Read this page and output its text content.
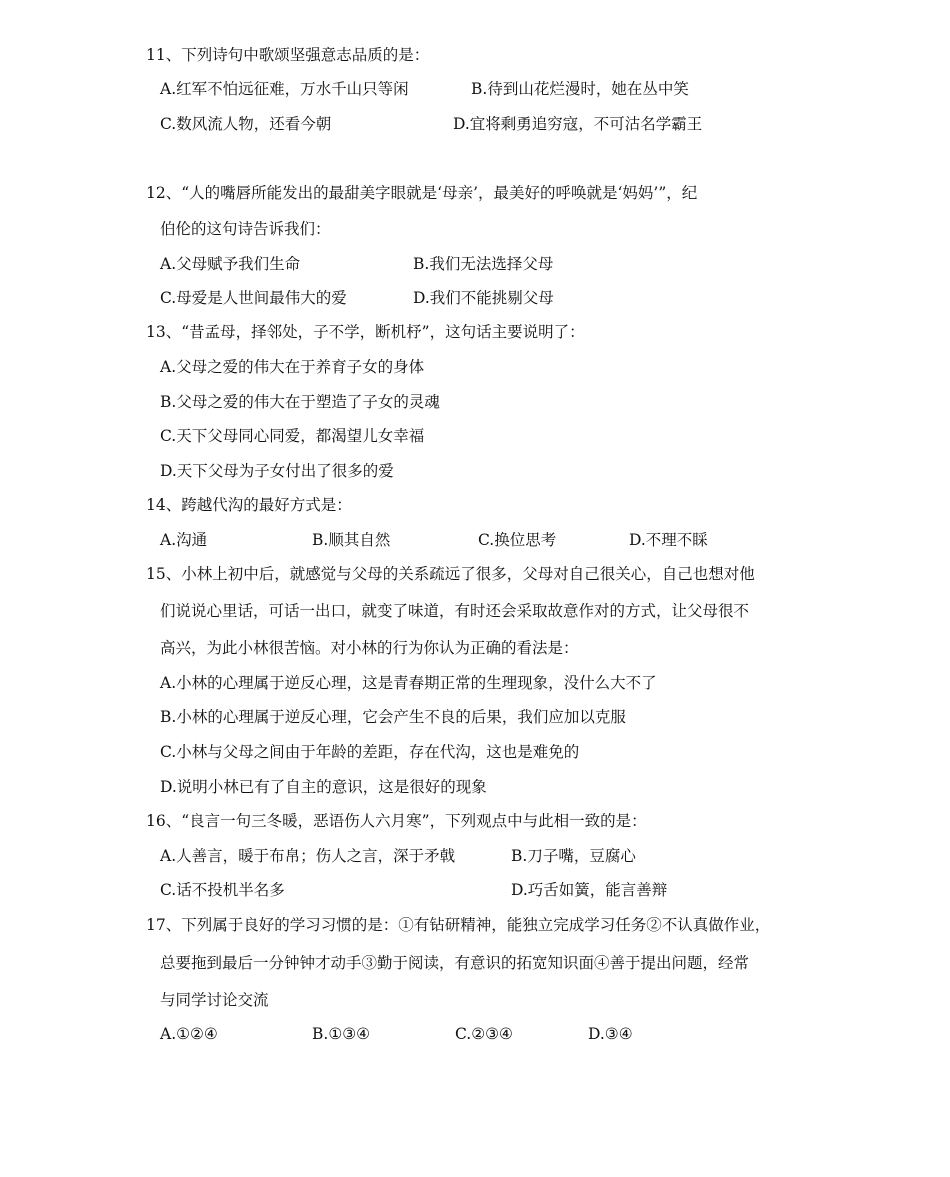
11、下列诗句中歌颂坚强意志品质的是：
A.红军不怕远征难，万水千山只等闲	B.待到山花烂漫时，她在丛中笑
C.数风流人物，还看今朝	D.宜将剩勇追穷寇，不可沽名学霸王
12、“人的嘴唇所能发出的最甜美字眼就是‘母亲’，最美好的呼唤就是‘妈妈’”，纪
伯伦的这句诗告诉我们：
A.父母赋予我们生命	B.我们无法选择父母
C.母爱是人世间最伟大的爱	D.我们不能挑剔父母
13、“昔孟母，择邻处，子不学，断机杼”，这句话主要说明了：
A.父母之爱的伟大在于养育子女的身体
B.父母之爱的伟大在于塑造了子女的灵魂
C.天下父母同心同爱，都渴望儿女幸福
D.天下父母为子女付出了很多的爱
14、跨越代沟的最好方式是：
A.沟通	B.顺其自然	C.换位思考	D.不理不睬
15、小林上初中后，就感觉与父母的关系疏远了很多，父母对自己很关心，自己也想对他
们说说心里话，可话一出口，就变了味道，有时还会采取故意作对的方式，让父母很不
高兴，为此小林很苦恼。对小林的行为你认为正确的看法是：
A.小林的心理属于逆反心理，这是青春期正常的生理现象，没什么大不了
B.小林的心理属于逆反心理，它会产生不良的后果，我们应加以克服
C.小林与父母之间由于年龄的差距，存在代沟，这也是难免的
D.说明小林已有了自主的意识，这是很好的现象
16、“良言一句三冬暖，恶语伤人六月寒”，下列观点中与此相一致的是：
A.人善言，暖于布帛；伤人之言，深于矛戟	B.刀子嘴，豆腐心
C.话不投机半名多	D.巧舌如簧，能言善辩
17、下列属于良好的学习习惯的是：①有钻研精神，能独立完成学习任务②不认真做作业，
总要拖到最后一分钟钟才动手③勤于阅读，有意识的拓宽知识面④善于提出问题，经常
与同学讨论交流
A.①②④	B.①③④	C.②③④	D.③④
